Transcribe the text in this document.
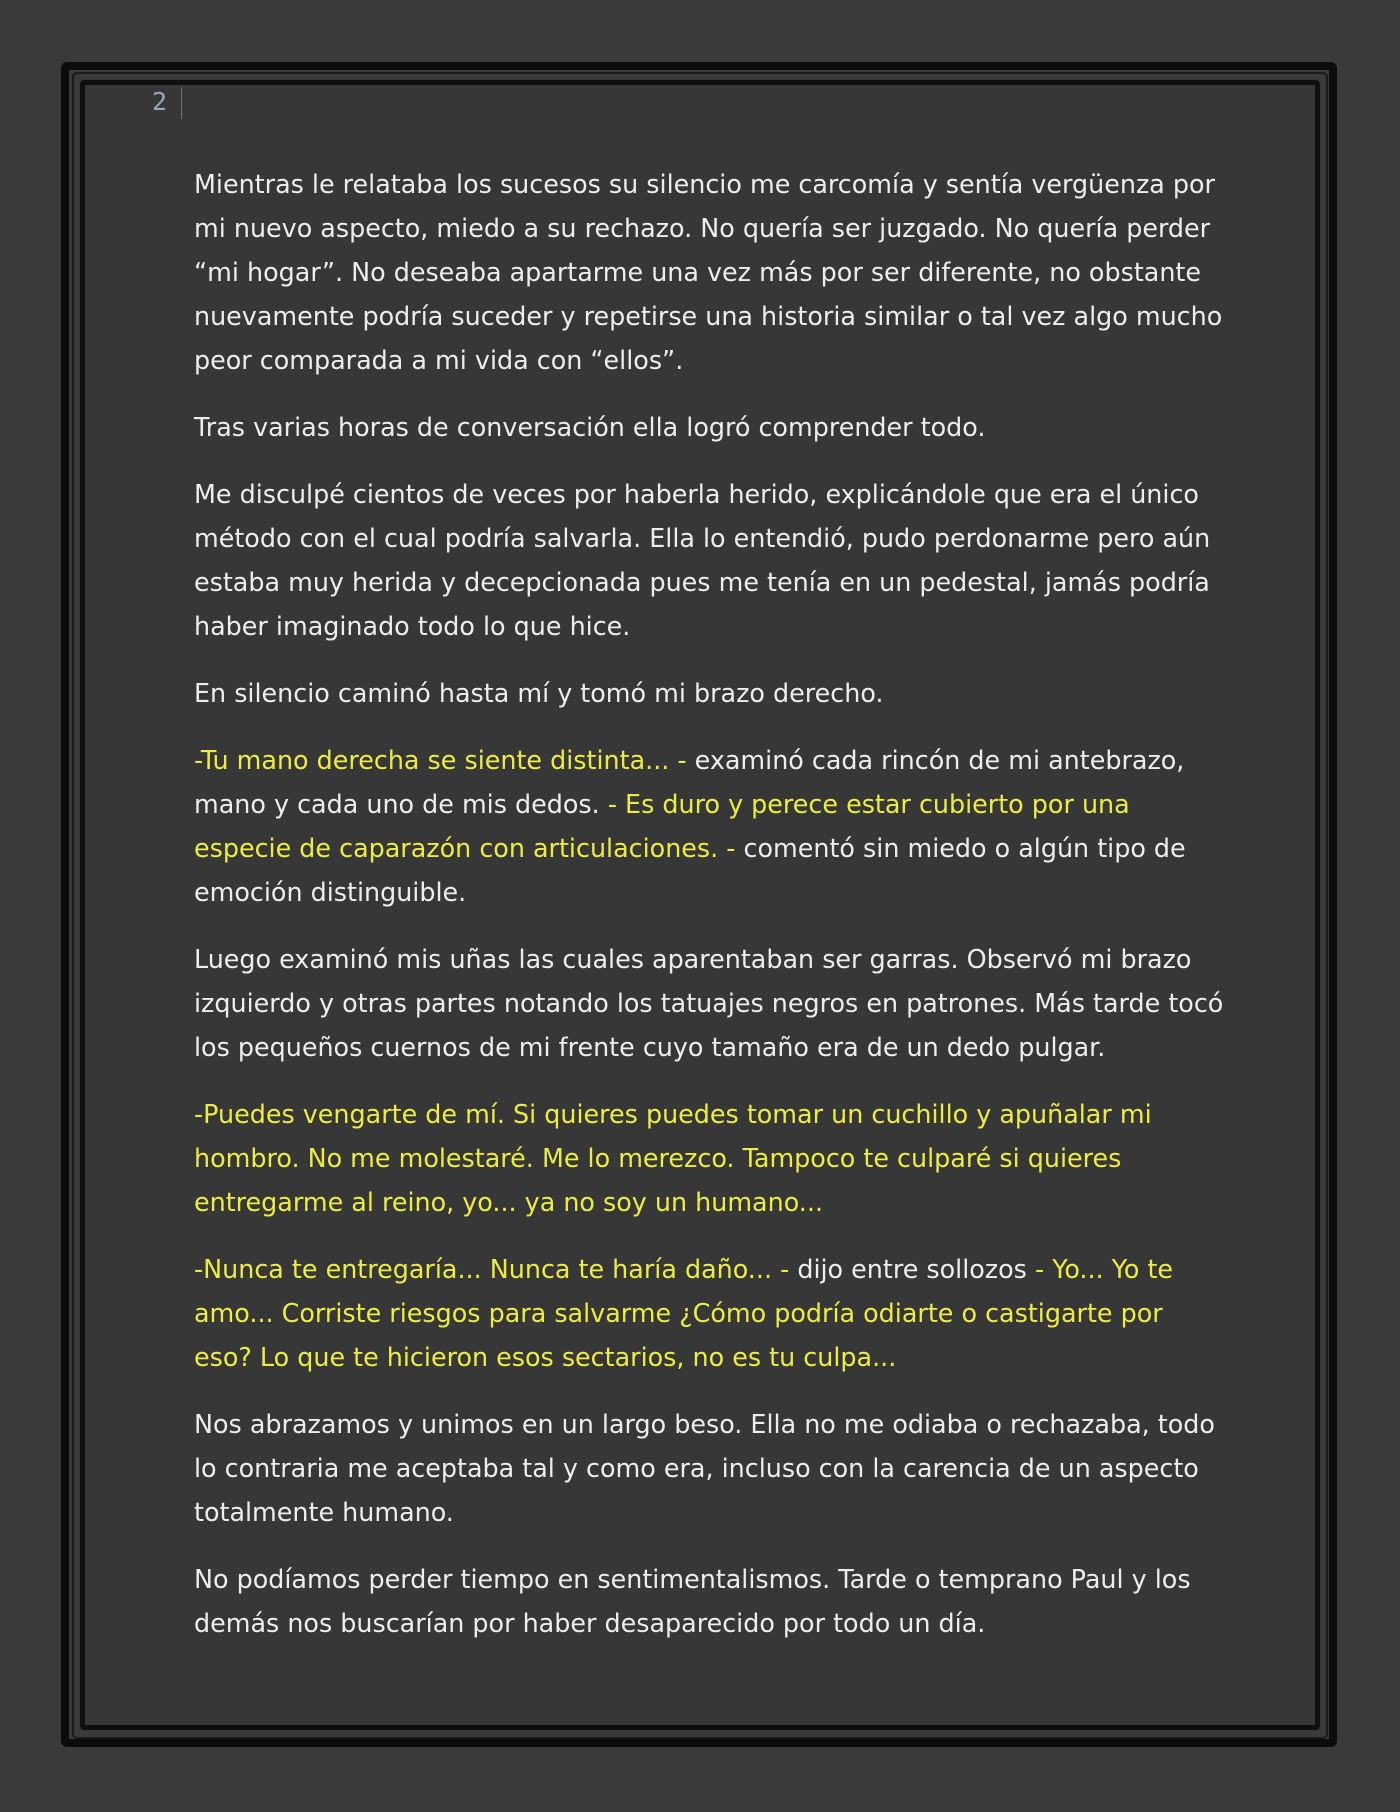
2

Mientras le relataba los sucesos su silencio me carcomía y sentía vergüenza por mi nuevo aspecto, miedo a su rechazo. No quería ser juzgado. No quería perder “mi hogar”. No deseaba apartarme una vez más por ser diferente, no obstante nuevamente podría suceder y repetirse una historia similar o tal vez algo mucho peor comparada a mi vida con “ellos”.

Tras varias horas de conversación ella logró comprender todo.

Me disculpé cientos de veces por haberla herido, explicándole que era el único método con el cual podría salvarla. Ella lo entendió, pudo perdonarme pero aún estaba muy herida y decepcionada pues me tenía en un pedestal, jamás podría haber imaginado todo lo que hice.

En silencio caminó hasta mí y tomó mi brazo derecho.

-Tu mano derecha se siente distinta... - examinó cada rincón de mi antebrazo, mano y cada uno de mis dedos. - Es duro y perece estar cubierto por una especie de caparazón con articulaciones. - comentó sin miedo o algún tipo de emoción distinguible.

Luego examinó mis uñas las cuales aparentaban ser garras. Observó mi brazo izquierdo y otras partes notando los tatuajes negros en patrones. Más tarde tocó los pequeños cuernos de mi frente cuyo tamaño era de un dedo pulgar.

-Puedes vengarte de mí. Si quieres puedes tomar un cuchillo y apuñalar mi hombro. No me molestaré. Me lo merezco. Tampoco te culparé si quieres entregarme al reino, yo... ya no soy un humano...

-Nunca te entregaría... Nunca te haría daño... - dijo entre sollozos - Yo... Yo te amo... Corriste riesgos para salvarme ¿Cómo podría odiarte o castigarte por eso? Lo que te hicieron esos sectarios, no es tu culpa...

Nos abrazamos y unimos en un largo beso. Ella no me odiaba o rechazaba, todo lo contraria me aceptaba tal y como era, incluso con la carencia de un aspecto totalmente humano.

No podíamos perder tiempo en sentimentalismos. Tarde o temprano Paul y los demás nos buscarían por haber desaparecido por todo un día.
